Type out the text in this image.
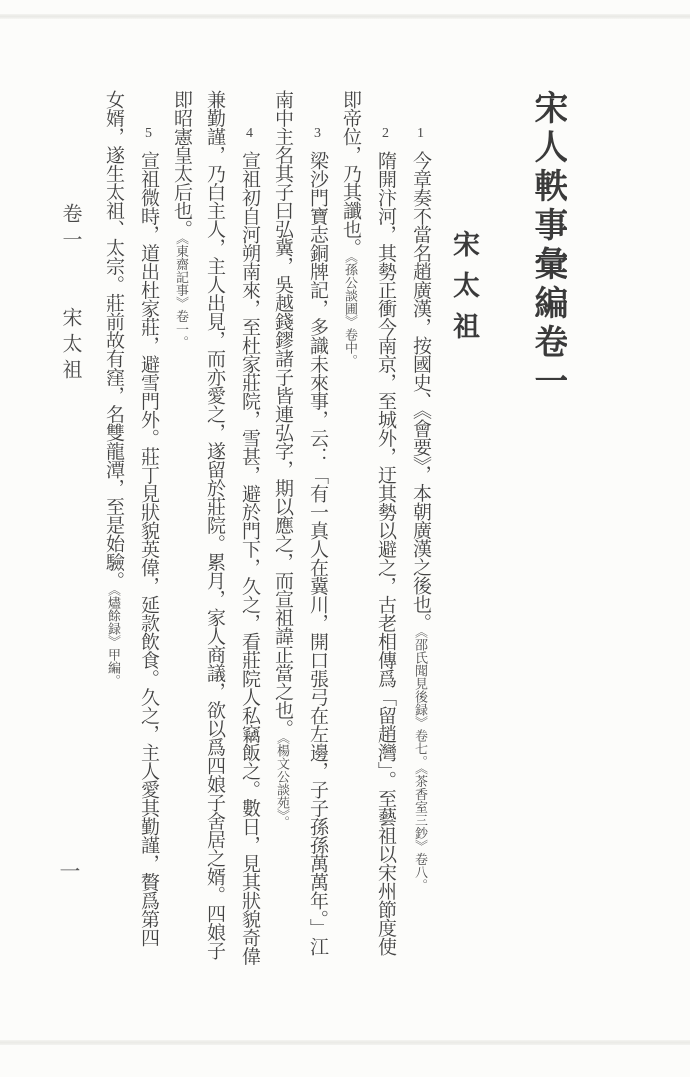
宋人軼事彙編卷一
宋太祖
1今章奏不當名趙廣漢，按國史、《會要》，本朝廣漢之後也。《邵氏聞見後録》卷七。《茶香室三鈔》卷八。
2隋開汴河，其勢正衝今南京，至城外，迂其勢以避之，古老相傳爲「留趙灣」。至藝祖以宋州節度使
即帝位，乃其讖也。《孫公談圃》卷中。
3梁沙門寶志銅牌記，多識未來事，云：「有一真人在冀川，開口張弓在左邊，子子孫孫萬萬年。」江
南中主名其子曰弘冀，吳越錢鏐諸子皆連弘字，期以應之，而宣祖諱正當之也。《楊文公談苑》。
4宣祖初自河朔南來，至杜家莊院，雪甚，避於門下，久之，看莊院人私竊飯之。數日，見其狀貌奇偉
兼勤謹，乃白主人，主人出見，而亦愛之，遂留於莊院。累月，家人商議，欲以爲四娘子舍居之婿。四娘子
即昭憲皇太后也。《東齋記事》卷一。
5宣祖微時，道出杜家莊，避雪門外。莊丁見狀貌英偉，延款飲食。久之，主人愛其勤謹，贅爲第四
女婿，遂生太祖、太宗。莊前故有窪，名雙龍潭，至是始驗。《燼餘録》甲編。
卷一宋太祖
一
